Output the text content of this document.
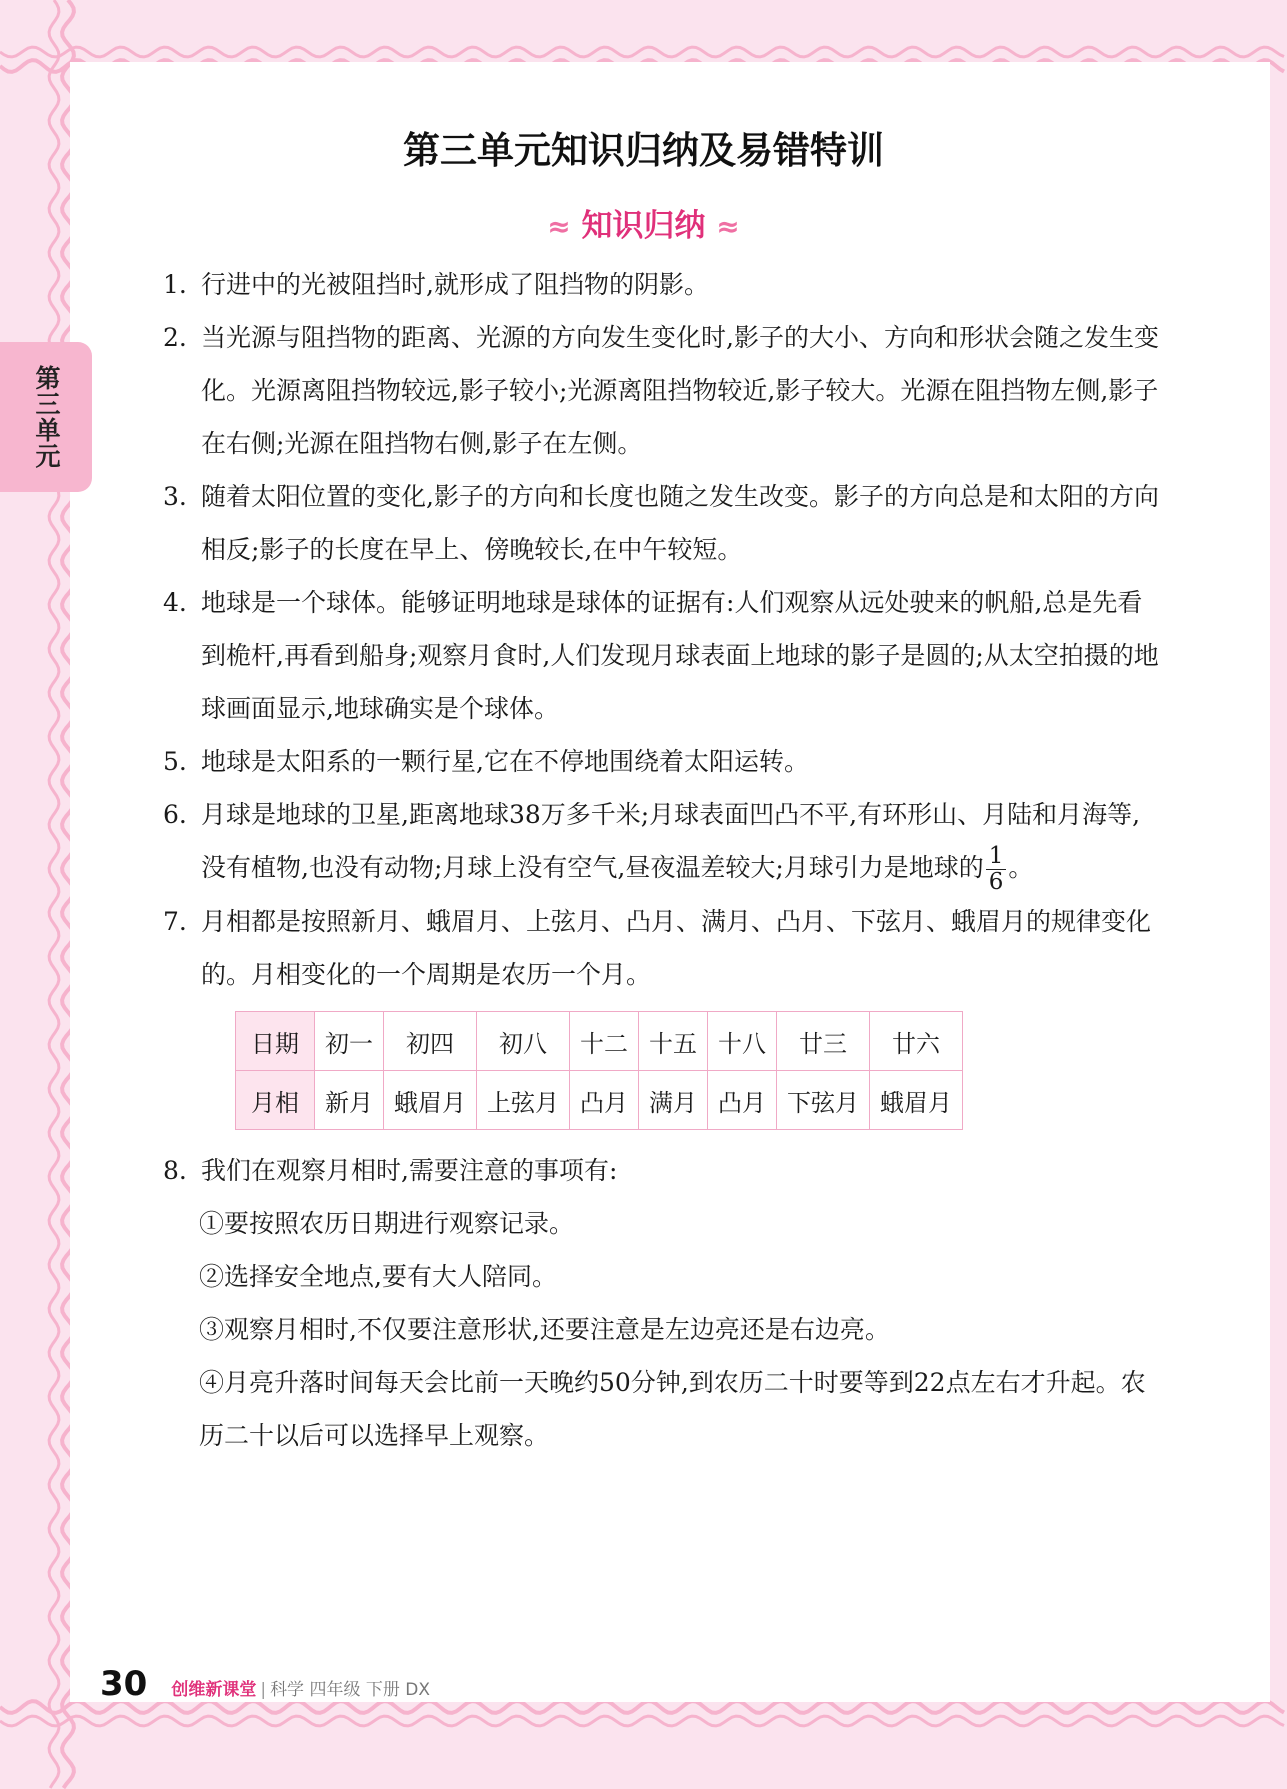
第三单元
第三单元知识归纳及易错特训
≈ 知识归纳 ≈
1. 行进中的光被阻挡时,就形成了阻挡物的阴影。
2. 当光源与阻挡物的距离、光源的方向发生变化时,影子的大小、方向和形状会随之发生变化。光源离阻挡物较远,影子较小;光源离阻挡物较近,影子较大。光源在阻挡物左侧,影子在右侧;光源在阻挡物右侧,影子在左侧。
3. 随着太阳位置的变化,影子的方向和长度也随之发生改变。影子的方向总是和太阳的方向相反;影子的长度在早上、傍晚较长,在中午较短。
4. 地球是一个球体。能够证明地球是球体的证据有:人们观察从远处驶来的帆船,总是先看到桅杆,再看到船身;观察月食时,人们发现月球表面上地球的影子是圆的;从太空拍摄的地球画面显示,地球确实是个球体。
5. 地球是太阳系的一颗行星,它在不停地围绕着太阳运转。
6. 月球是地球的卫星,距离地球38万多千米;月球表面凹凸不平,有环形山、月陆和月海等,没有植物,也没有动物;月球上没有空气,昼夜温差较大;月球引力是地球的 $\frac{1}{6}$ 。
7. 月相都是按照新月、蛾眉月、上弦月、凸月、满月、凸月、下弦月、蛾眉月的规律变化的。月相变化的一个周期是农历一个月。
日期	初一	初四	初八	十二	十五	十八	廿三	廿六
月相	新月	蛾眉月	上弦月	凸月	满月	凸月	下弦月	蛾眉月
8. 我们在观察月相时,需要注意的事项有:
①要按照农历日期进行观察记录。
②选择安全地点,要有大人陪同。
③观察月相时,不仅要注意形状,还要注意是左边亮还是右边亮。
④月亮升落时间每天会比前一天晚约50分钟,到农历二十时要等到22点左右才升起。农历二十以后可以选择早上观察。
30 创维新课堂 | 科学 四年级 下册 DX
